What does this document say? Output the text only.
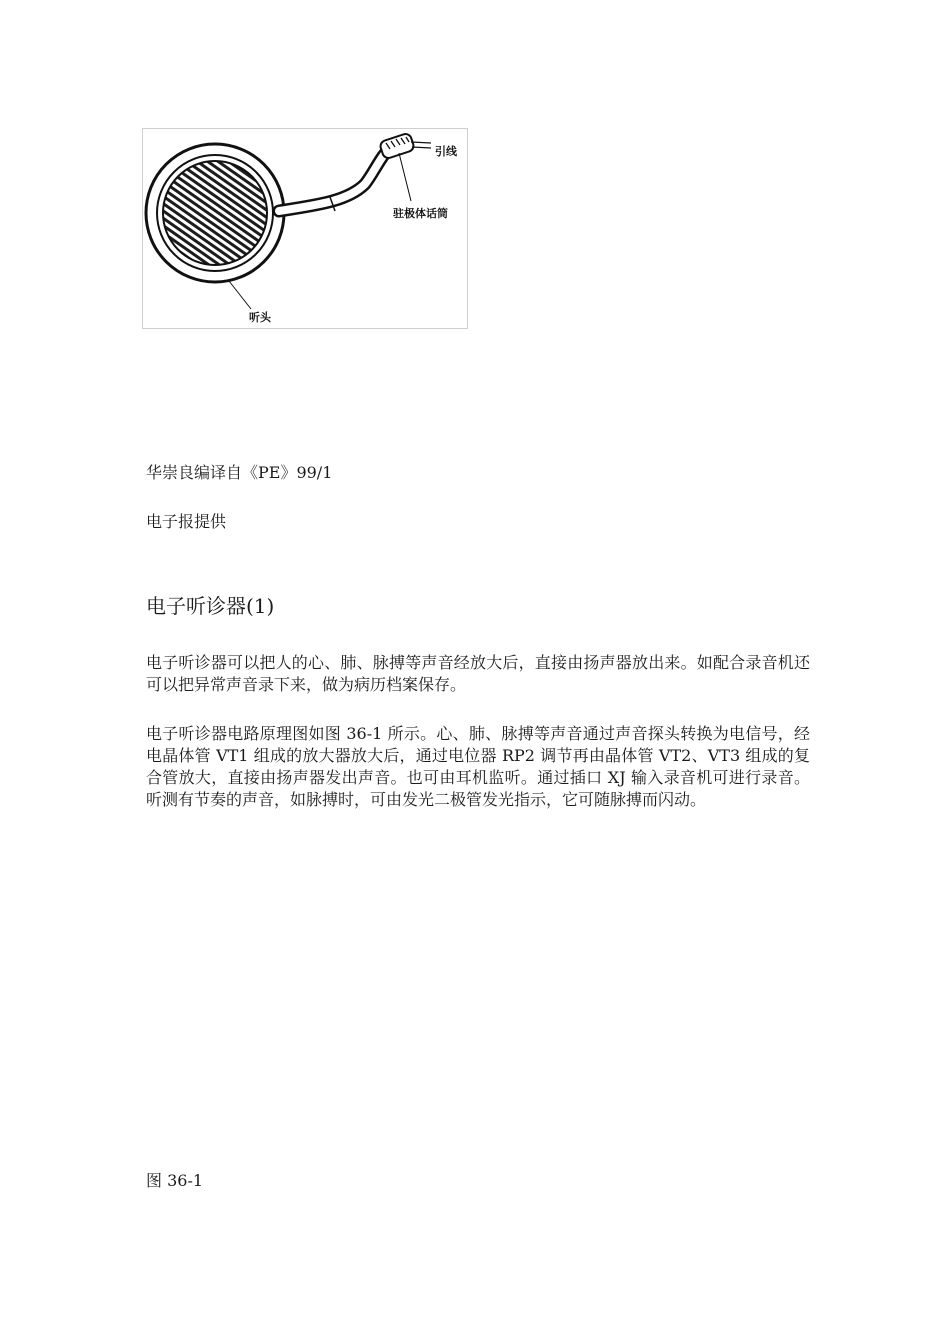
引线
驻极体话筒
听头
华崇良编译自《PE》99/1
电子报提供
电子听诊器(1)

电子听诊器可以把人的心、肺、脉搏等声音经放大后，直接由扬声器放出来。如配合录音机还可以把异常声音录下来，做为病历档案保存。

电子听诊器电路原理图如图 36-1 所示。心、肺、脉搏等声音通过声音探头转换为电信号，经电晶体管 VT1 组成的放大器放大后，通过电位器 RP2 调节再由晶体管 VT2、VT3 组成的复合管放大，直接由扬声器发出声音。也可由耳机监听。通过插口 XJ 输入录音机可进行录音。听测有节奏的声音，如脉搏时，可由发光二极管发光指示，它可随脉搏而闪动。

图 36-1
